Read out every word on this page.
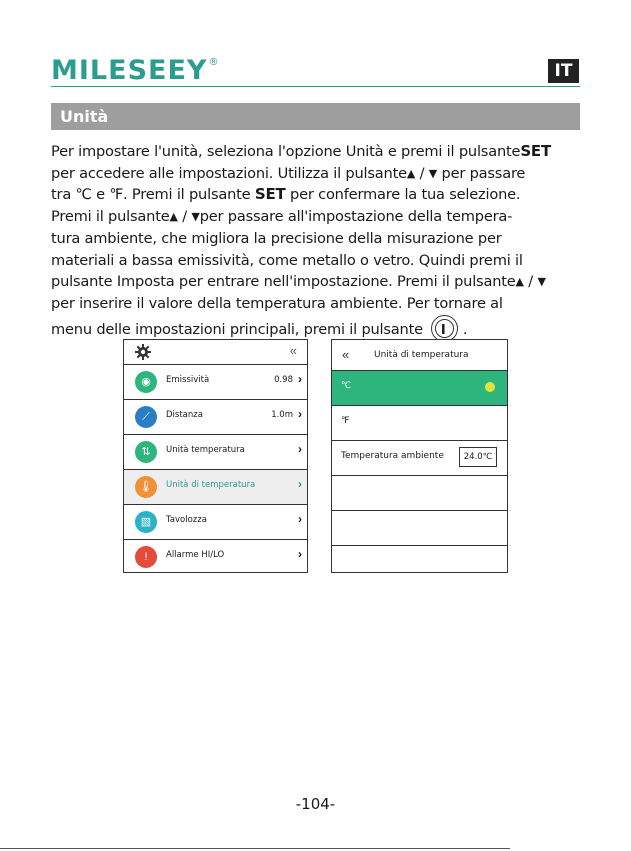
MILESEEY®	IT
Unità
Per impostare l'unità, seleziona l'opzione Unità e premi il pulsanteSET
per accedere alle impostazioni. Utilizza il pulsante▲ / ▼ per passare
tra ℃ e ℉. Premi il pulsante SET per confermare la tua selezione.
Premi il pulsante▲ / ▼per passare all'impostazione della tempera-
tura ambiente, che migliora la precisione della misurazione per
materiali a bassa emissività, come metallo o vetro. Quindi premi il
pulsante Imposta per entrare nell'impostazione. Premi il pulsante▲ / ▼
per inserire il valore della temperatura ambiente. Per tornare al
menu delle impostazioni principali, premi il pulsanteI	.
«
◉	Emissività	0.98 ›
⟋	Distanza	1.0m ›
⇅	Unità temperatura	›
🌡	Unità di temperatura	›
▧	Tavolozza	›
!	Allarme HI/LO	›
«	Unità di temperatura
℃
℉
Temperatura ambiente	24.0℃
-104-
